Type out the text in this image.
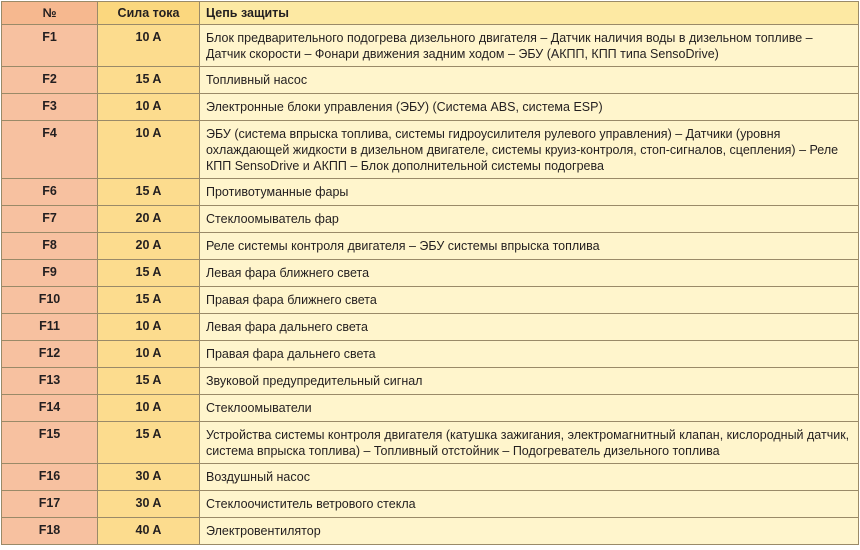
№	Сила тока	Цепь защиты
F1	10 A	Блок предварительного подогрева дизельного двигателя – Датчик наличия воды в дизельном топливе – Датчик скорости – Фонари движения задним ходом – ЭБУ (АКПП, КПП типа SensoDrive)
F2	15 A	Топливный насос
F3	10 A	Электронные блоки управления (ЭБУ) (Система ABS, система ESP)
F4	10 A	ЭБУ (система впрыска топлива, системы гидроусилителя рулевого управления) – Датчики (уровня охлаждающей жидкости в дизельном двигателе, системы круиз-контроля, стоп-сигналов, сцепления) – Реле КПП SensoDrive и АКПП – Блок дополнительной системы подогрева
F6	15 A	Противотуманные фары
F7	20 A	Стеклоомыватель фар
F8	20 A	Реле системы контроля двигателя – ЭБУ системы впрыска топлива
F9	15 A	Левая фара ближнего света
F10	15 A	Правая фара ближнего света
F11	10 A	Левая фара дальнего света
F12	10 A	Правая фара дальнего света
F13	15 A	Звуковой предупредительный сигнал
F14	10 A	Стеклоомыватели
F15	15 A	Устройства системы контроля двигателя (катушка зажигания, электромагнитный клапан, кислородный датчик, система впрыска топлива) – Топливный отстойник – Подогреватель дизельного топлива
F16	30 A	Воздушный насос
F17	30 A	Стеклоочиститель ветрового стекла
F18	40 A	Электровентилятор
